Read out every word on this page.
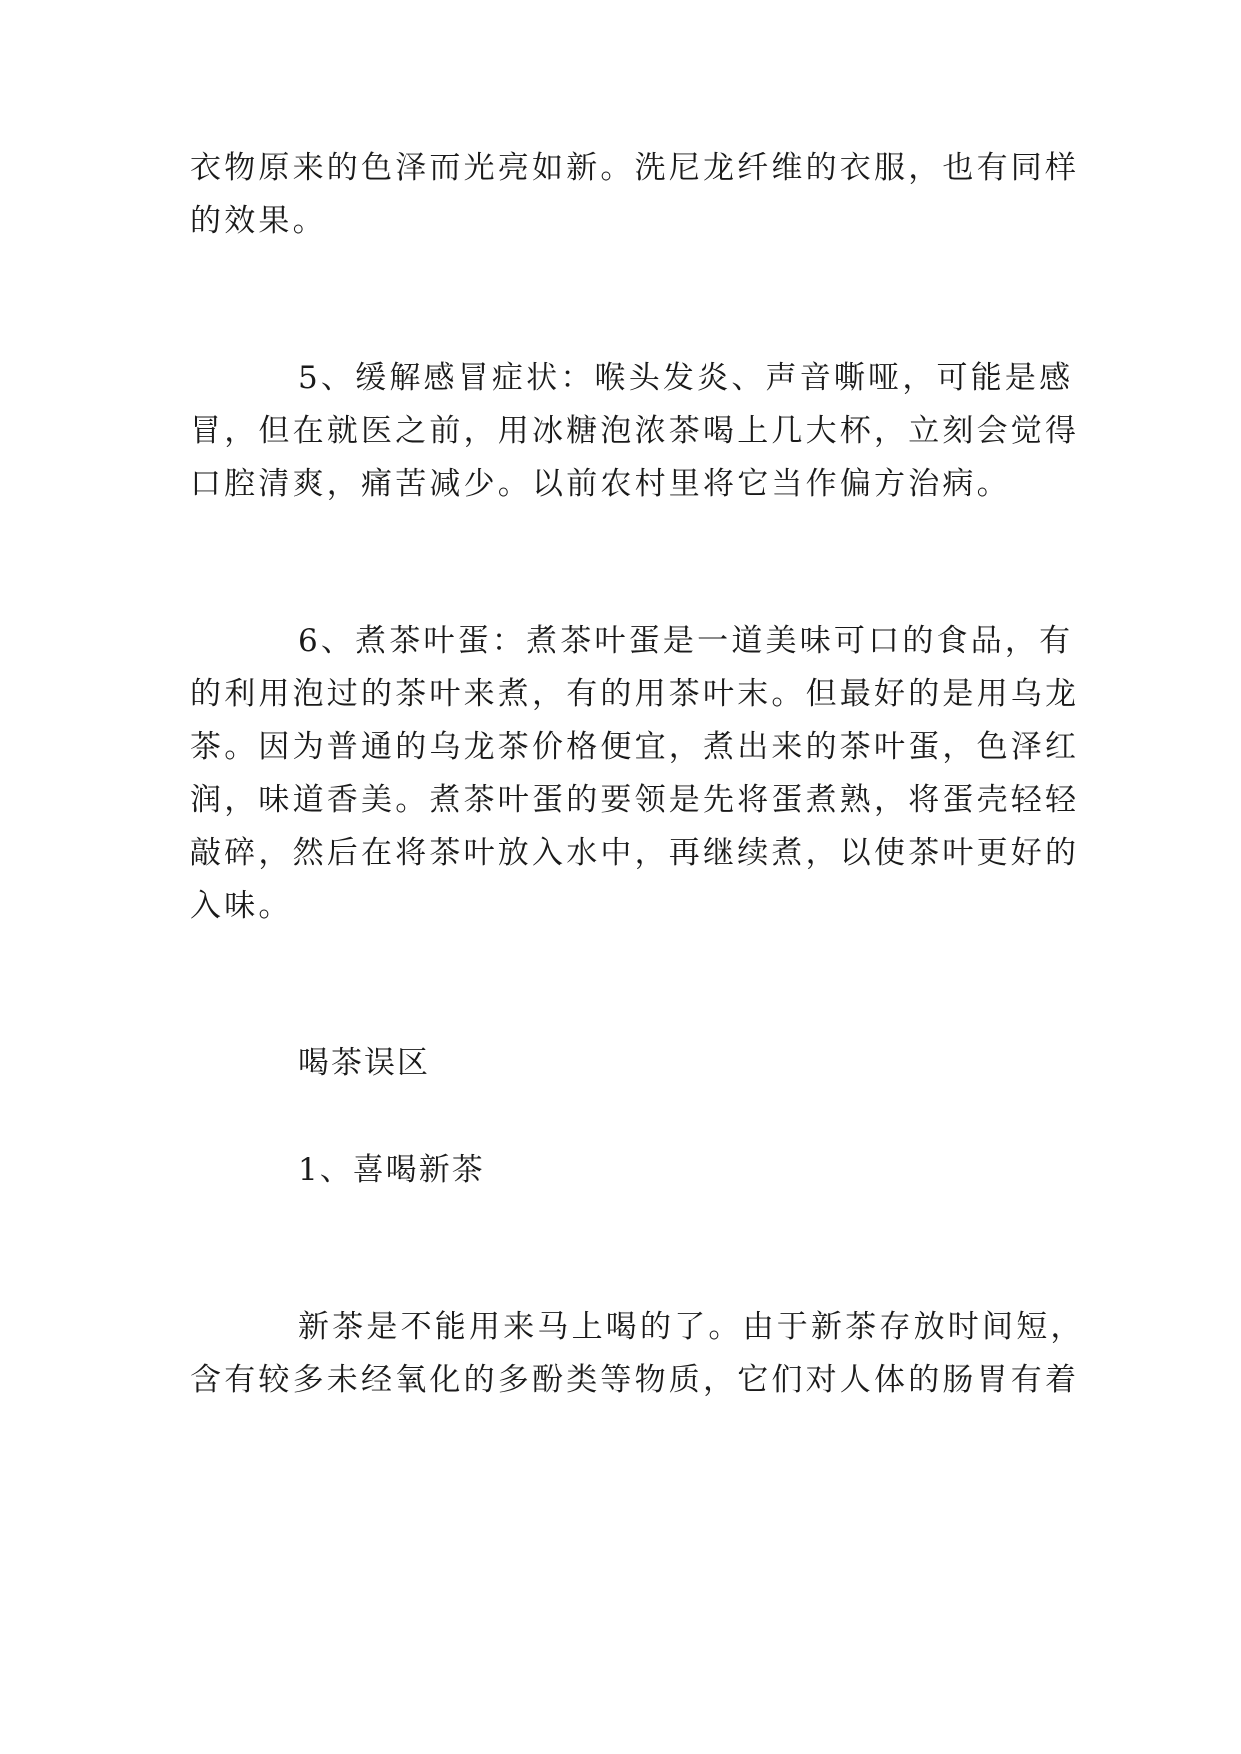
衣物原来的色泽而光亮如新。洗尼龙纤维的衣服，也有同样
的效果。
5、缓解感冒症状：喉头发炎、声音嘶哑，可能是感
冒，但在就医之前，用冰糖泡浓茶喝上几大杯，立刻会觉得
口腔清爽，痛苦减少。以前农村里将它当作偏方治病。
6、煮茶叶蛋：煮茶叶蛋是一道美味可口的食品，有
的利用泡过的茶叶来煮，有的用茶叶末。但最好的是用乌龙
茶。因为普通的乌龙茶价格便宜，煮出来的茶叶蛋，色泽红
润，味道香美。煮茶叶蛋的要领是先将蛋煮熟，将蛋壳轻轻
敲碎，然后在将茶叶放入水中，再继续煮，以使茶叶更好的
入味。
喝茶误区
1、喜喝新茶
新茶是不能用来马上喝的了。由于新茶存放时间短，
含有较多未经氧化的多酚类等物质，它们对人体的肠胃有着
